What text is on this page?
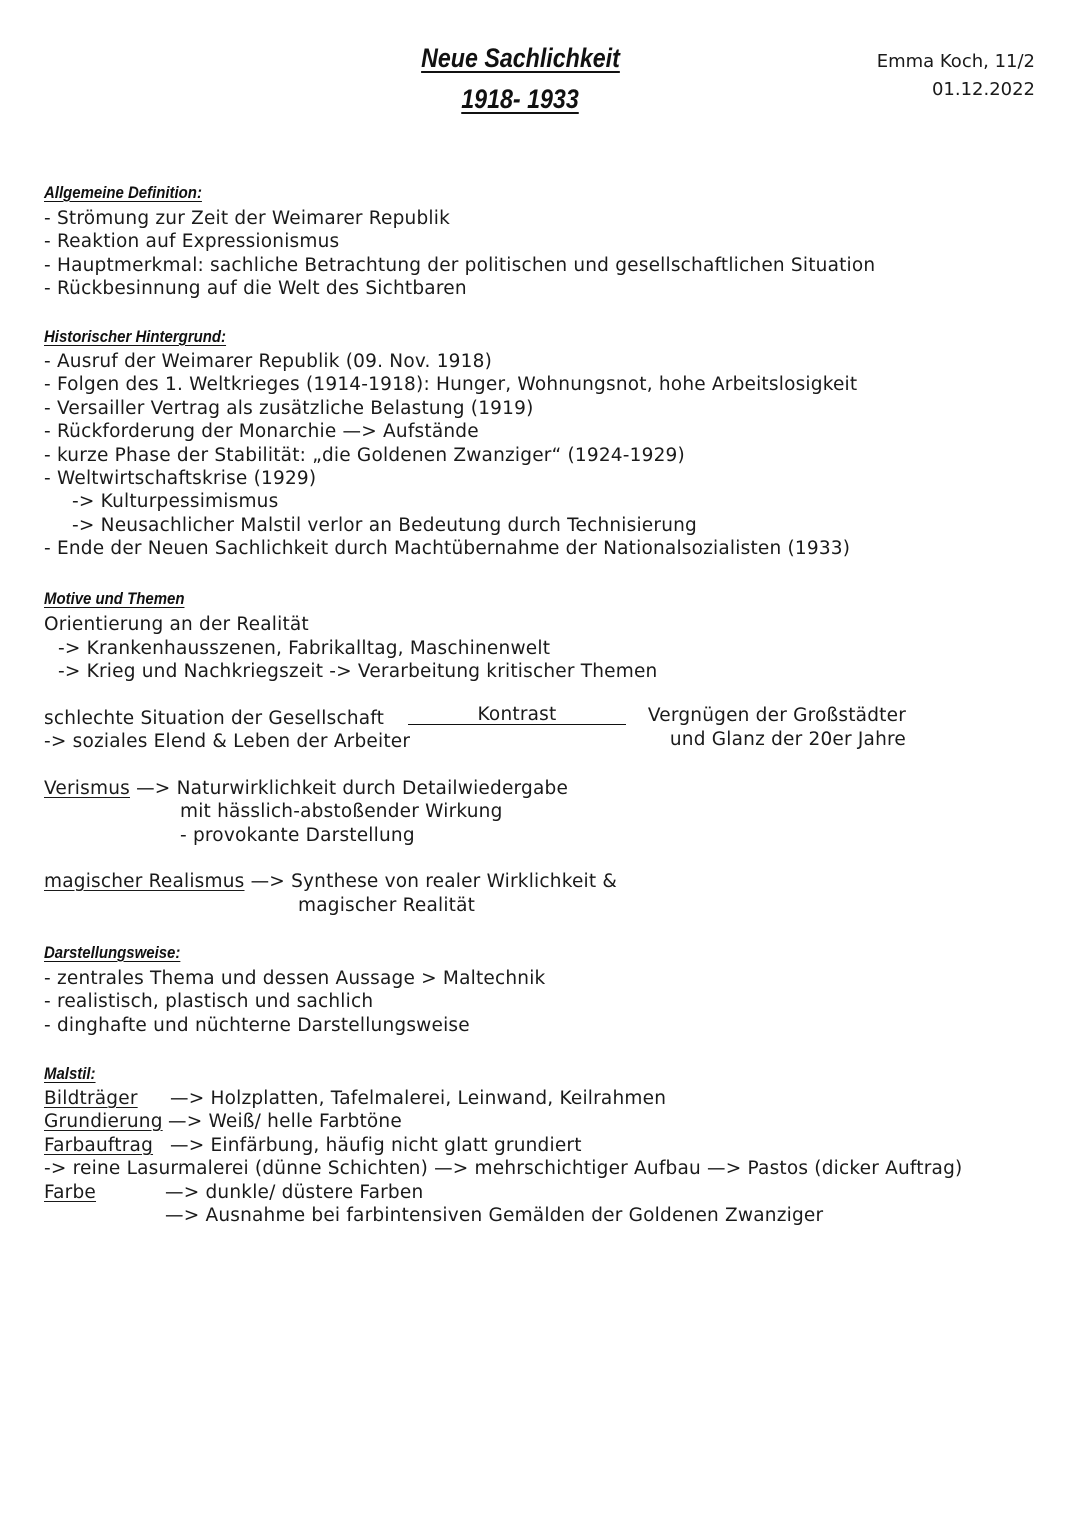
Neue Sachlichkeit
1918- 1933
Emma Koch, 11/2
01.12.2022
Allgemeine Definition:
- Strömung zur Zeit der Weimarer Republik
- Reaktion auf Expressionismus
- Hauptmerkmal: sachliche Betrachtung der politischen und gesellschaftlichen Situation
- Rückbesinnung auf die Welt des Sichtbaren
Historischer Hintergrund:
- Ausruf der Weimarer Republik (09. Nov. 1918)
- Folgen des 1. Weltkrieges (1914-1918): Hunger, Wohnungsnot, hohe Arbeitslosigkeit
- Versailler Vertrag als zusätzliche Belastung (1919)
- Rückforderung der Monarchie —> Aufstände
- kurze Phase der Stabilität: „die Goldenen Zwanziger“ (1924-1929)
- Weltwirtschaftskrise (1929)
-> Kulturpessimismus
-> Neusachlicher Malstil verlor an Bedeutung durch Technisierung
- Ende der Neuen Sachlichkeit durch Machtübernahme der Nationalsozialisten (1933)
Motive und Themen
Orientierung an der Realität
-> Krankenhausszenen, Fabrikalltag, Maschinenwelt
-> Krieg und Nachkriegszeit -> Verarbeitung kritischer Themen
schlechte Situation der Gesellschaft
-> soziales Elend & Leben der Arbeiter
Kontrast	Vergnügen der Großstädter
und Glanz der 20er Jahre
Verismus —> Naturwirklichkeit durch Detailwiedergabe
mit hässlich-abstoßender Wirkung
- provokante Darstellung
magischer Realismus —> Synthese von realer Wirklichkeit &
magischer Realität
Darstellungsweise:
- zentrales Thema und dessen Aussage > Maltechnik
- realistisch, plastisch und sachlich
- dinghafte und nüchterne Darstellungsweise
Malstil:
Bildträger —> Holzplatten, Tafelmalerei, Leinwand, Keilrahmen
Grundierung —> Weiß/ helle Farbtöne
Farbauftrag —> Einfärbung, häufig nicht glatt grundiert
-> reine Lasurmalerei (dünne Schichten) —> mehrschichtiger Aufbau —> Pastos (dicker Auftrag)
Farbe	—> dunkle/ düstere Farben
—> Ausnahme bei farbintensiven Gemälden der Goldenen Zwanziger
